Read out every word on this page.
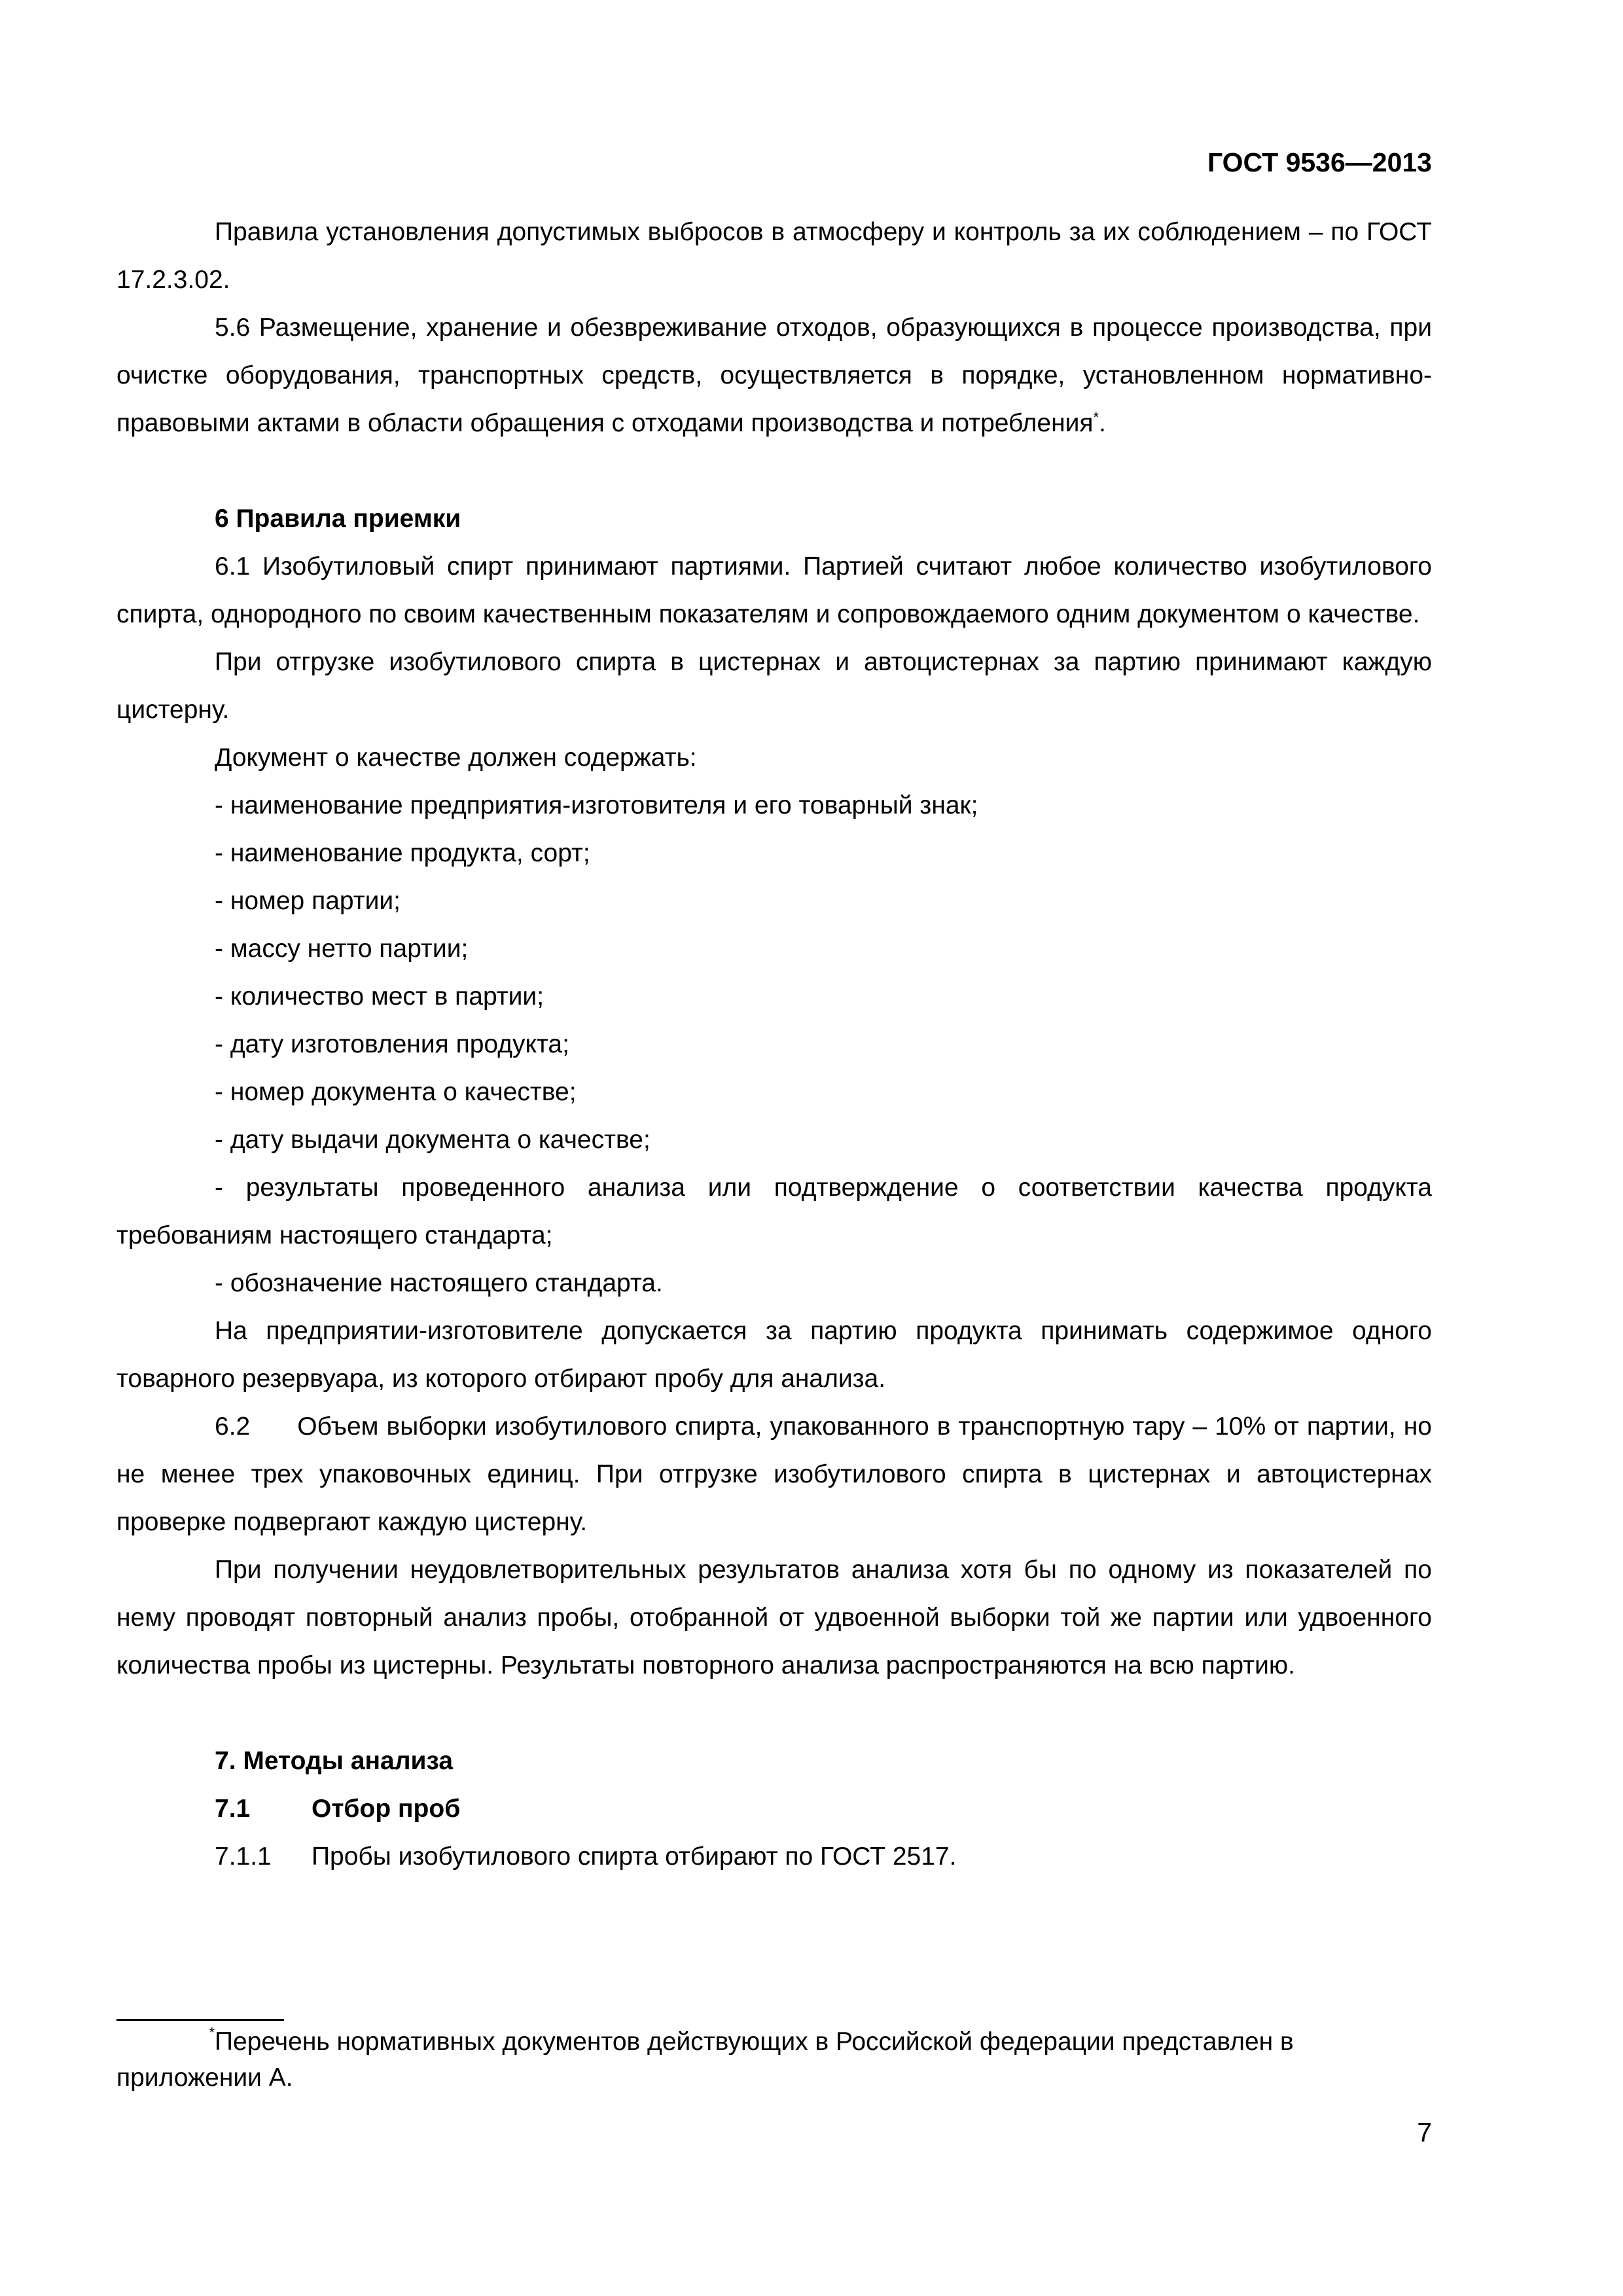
ГОСТ 9536—2013

Правила установления допустимых выбросов в атмосферу и контроль за их соблюдением – по ГОСТ 17.2.3.02.

5.6 Размещение, хранение и обезвреживание отходов, образующихся в процессе производства, при очистке оборудования, транспортных средств, осуществляется в порядке, установленном нормативно-правовыми актами в области обращения с отходами производства и потребления*.

6 Правила приемки

6.1 Изобутиловый спирт принимают партиями. Партией считают любое количество изобутилового спирта, однородного по своим качественным показателям и сопровождаемого одним документом о качестве.

При отгрузке изобутилового спирта в цистернах и автоцистернах за партию принимают каждую цистерну.

Документ о качестве должен содержать:

- наименование предприятия-изготовителя и его товарный знак;

- наименование продукта, сорт;

- номер партии;

- массу нетто партии;

- количество мест в партии;

- дату изготовления продукта;

- номер документа о качестве;

- дату выдачи документа о качестве;

- результаты проведенного анализа или подтверждение о соответствии качества продукта требованиям настоящего стандарта;

- обозначение настоящего стандарта.

На предприятии-изготовителе допускается за партию продукта принимать содержимое одного товарного резервуара, из которого отбирают пробу для анализа.

6.2      Объем выборки изобутилового спирта, упакованного в транспортную тару – 10% от партии, но не менее трех упаковочных единиц. При отгрузке изобутилового спирта в цистернах и автоцистернах проверке подвергают каждую цистерну.

При получении неудовлетворительных результатов анализа хотя бы по одному из показателей по нему проводят повторный анализ пробы, отобранной от удвоенной выборки той же партии или удвоенного количества пробы из цистерны. Результаты повторного анализа распространяются на всю партию.

7. Методы анализа

7.1	Отбор проб

7.1.1	Пробы изобутилового спирта отбирают по ГОСТ 2517.

*Перечень нормативных документов действующих в Российской федерации представлен в приложении А.
7
